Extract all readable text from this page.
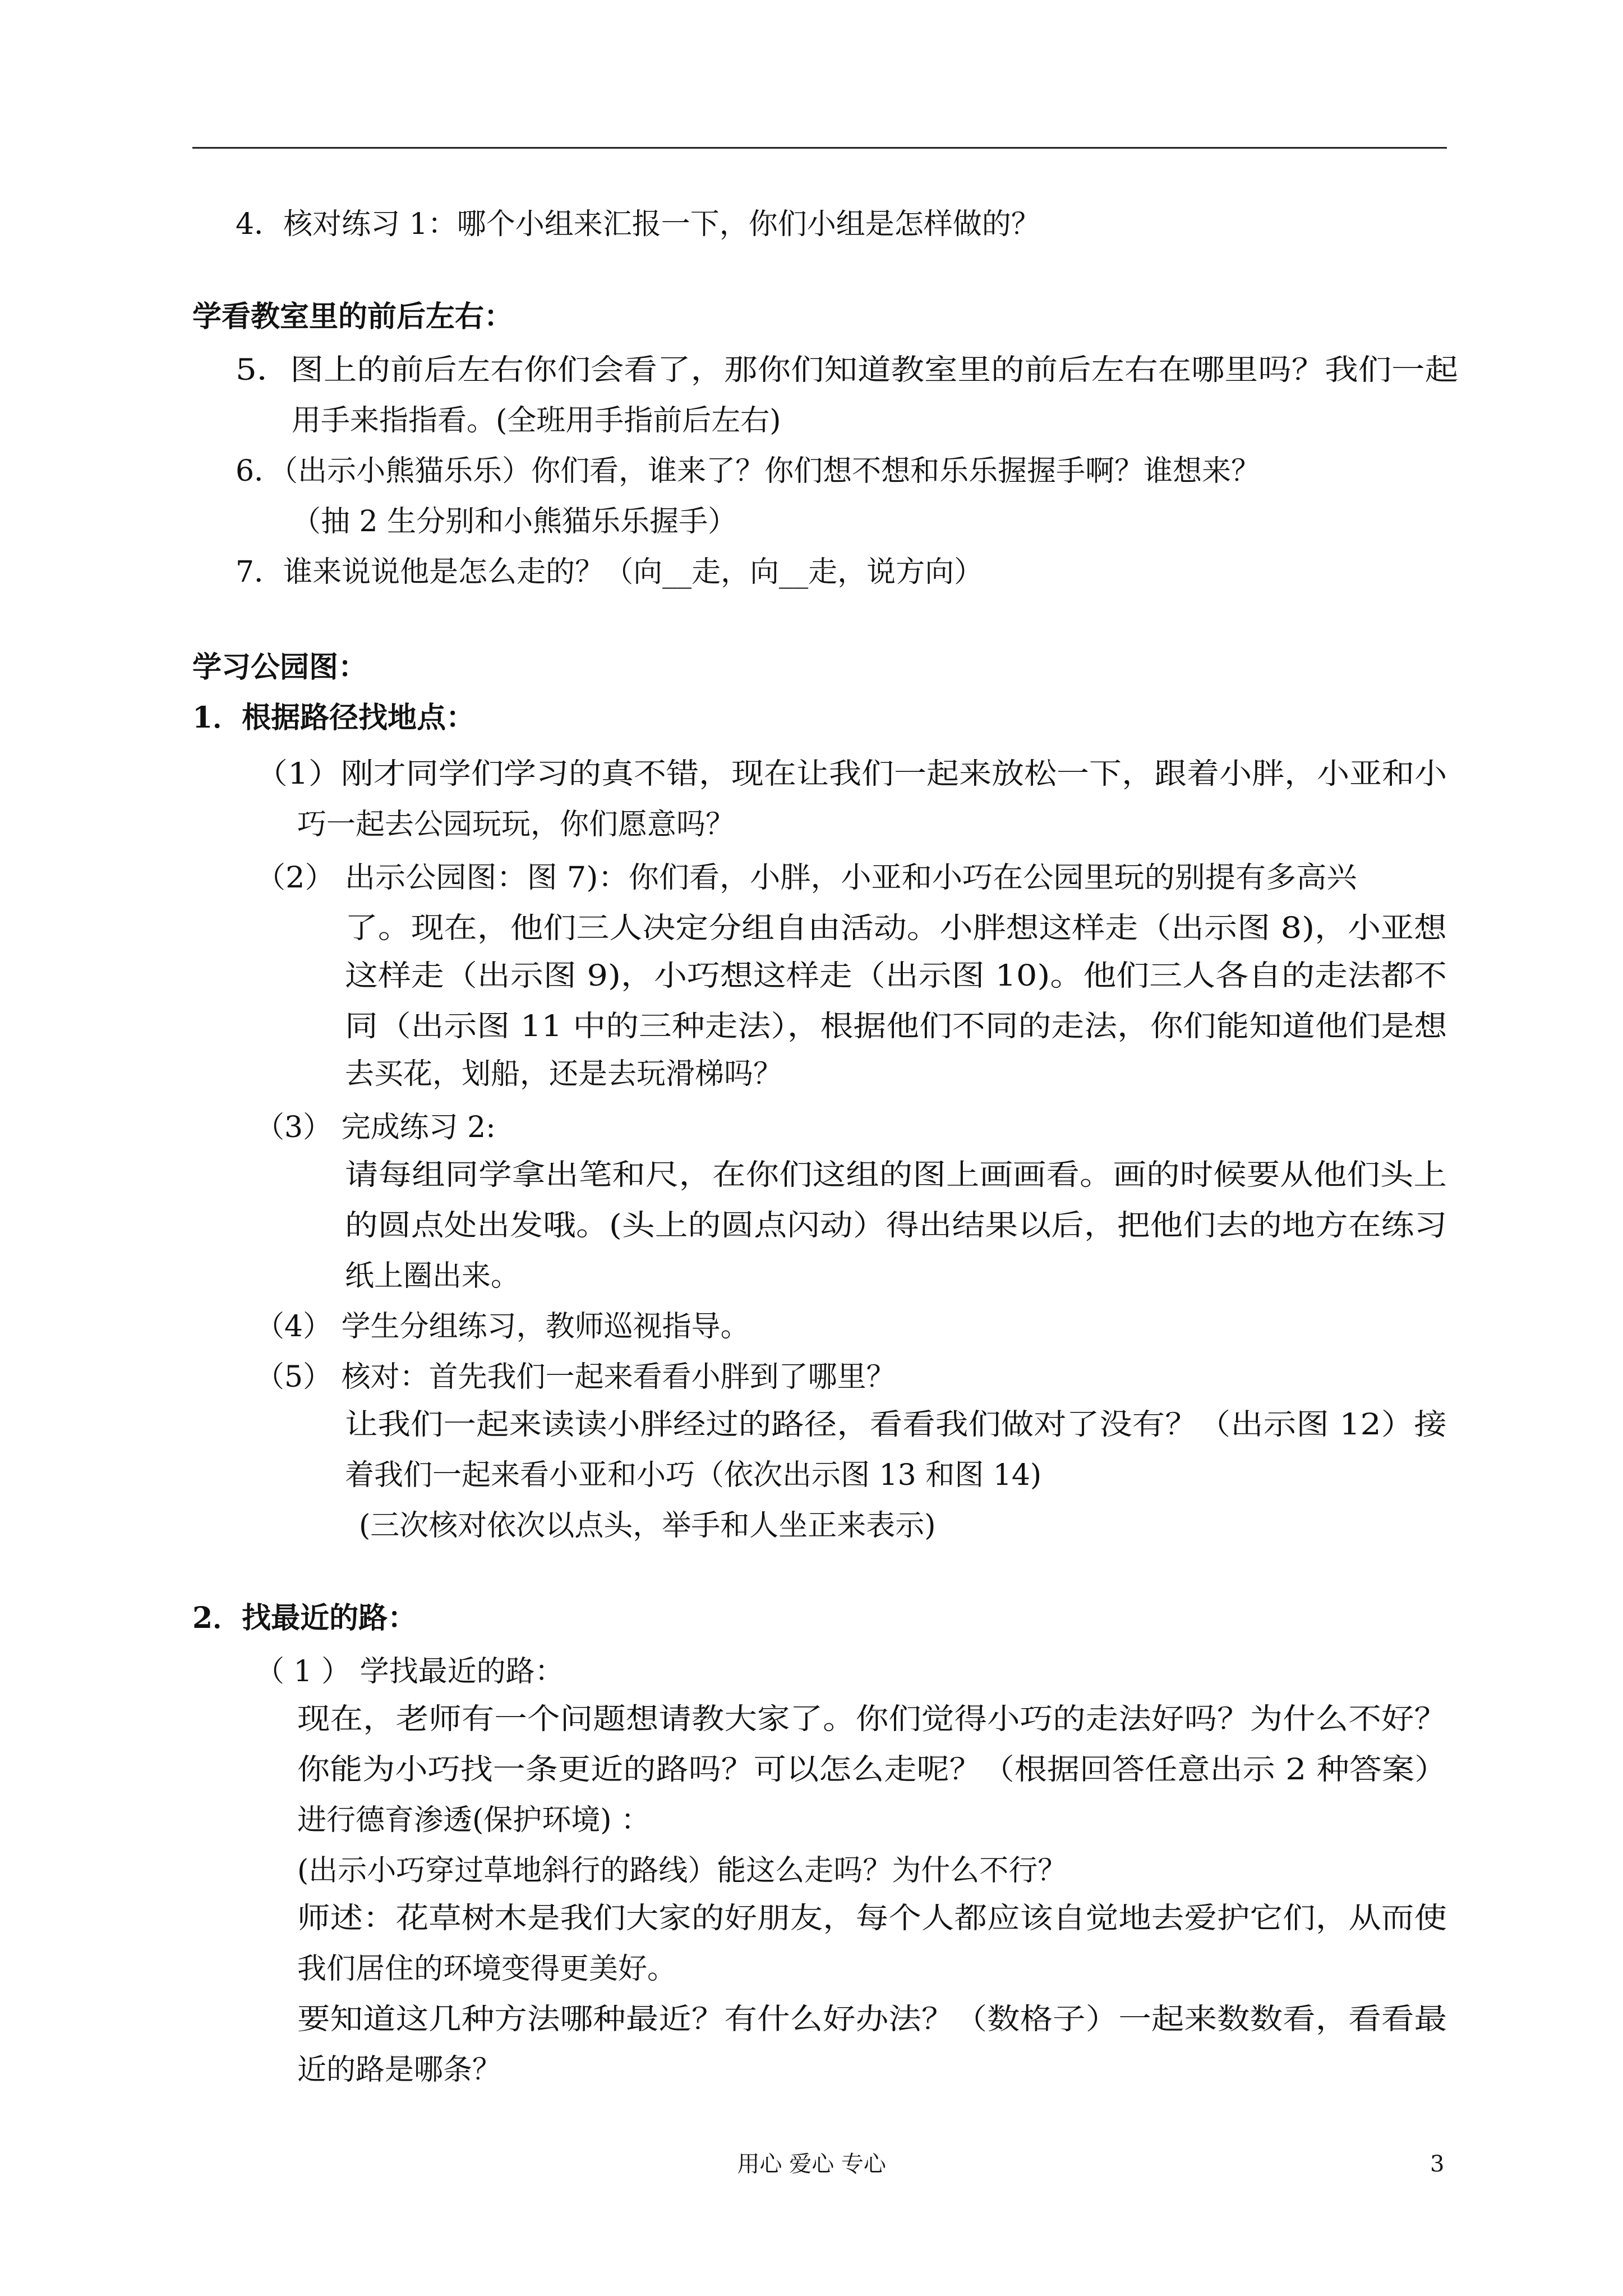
4．核对练习 1：哪个小组来汇报一下，你们小组是怎样做的？
学看教室里的前后左右：
5．图上的前后左右你们会看了，那你们知道教室里的前后左右在哪里吗？我们一起
用手来指指看。(全班用手指前后左右)
6．（出示小熊猫乐乐）你们看，谁来了？你们想不想和乐乐握握手啊？谁想来？
（抽 2 生分别和小熊猫乐乐握手）
7．谁来说说他是怎么走的？（向__走，向__走，说方向）
学习公园图：
1．根据路径找地点：
（1）刚才同学们学习的真不错，现在让我们一起来放松一下，跟着小胖，小亚和小
巧一起去公园玩玩，你们愿意吗？
（2） 出示公园图：图 7)：你们看，小胖，小亚和小巧在公园里玩的别提有多高兴
了。现在，他们三人决定分组自由活动。小胖想这样走（出示图 8)，小亚想
这样走（出示图 9)，小巧想这样走（出示图 10)。他们三人各自的走法都不
同（出示图 11 中的三种走法），根据他们不同的走法，你们能知道他们是想
去买花，划船，还是去玩滑梯吗？
（3） 完成练习 2:
请每组同学拿出笔和尺，在你们这组的图上画画看。画的时候要从他们头上
的圆点处出发哦。(头上的圆点闪动）得出结果以后，把他们去的地方在练习
纸上圈出来。
（4） 学生分组练习，教师巡视指导。
（5） 核对：首先我们一起来看看小胖到了哪里？
让我们一起来读读小胖经过的路径，看看我们做对了没有？（出示图 12）接
着我们一起来看小亚和小巧（依次出示图 13 和图 14)
(三次核对依次以点头，举手和人坐正来表示)
2．找最近的路：
（ 1 ） 学找最近的路：
现在，老师有一个问题想请教大家了。你们觉得小巧的走法好吗？为什么不好？
你能为小巧找一条更近的路吗？可以怎么走呢？（根据回答任意出示 2 种答案）
进行德育渗透(保护环境) ：
(出示小巧穿过草地斜行的路线）能这么走吗？为什么不行？
师述：花草树木是我们大家的好朋友，每个人都应该自觉地去爱护它们，从而使
我们居住的环境变得更美好。
要知道这几种方法哪种最近？有什么好办法？（数格子）一起来数数看，看看最
近的路是哪条？
用心 爱心 专心	3
